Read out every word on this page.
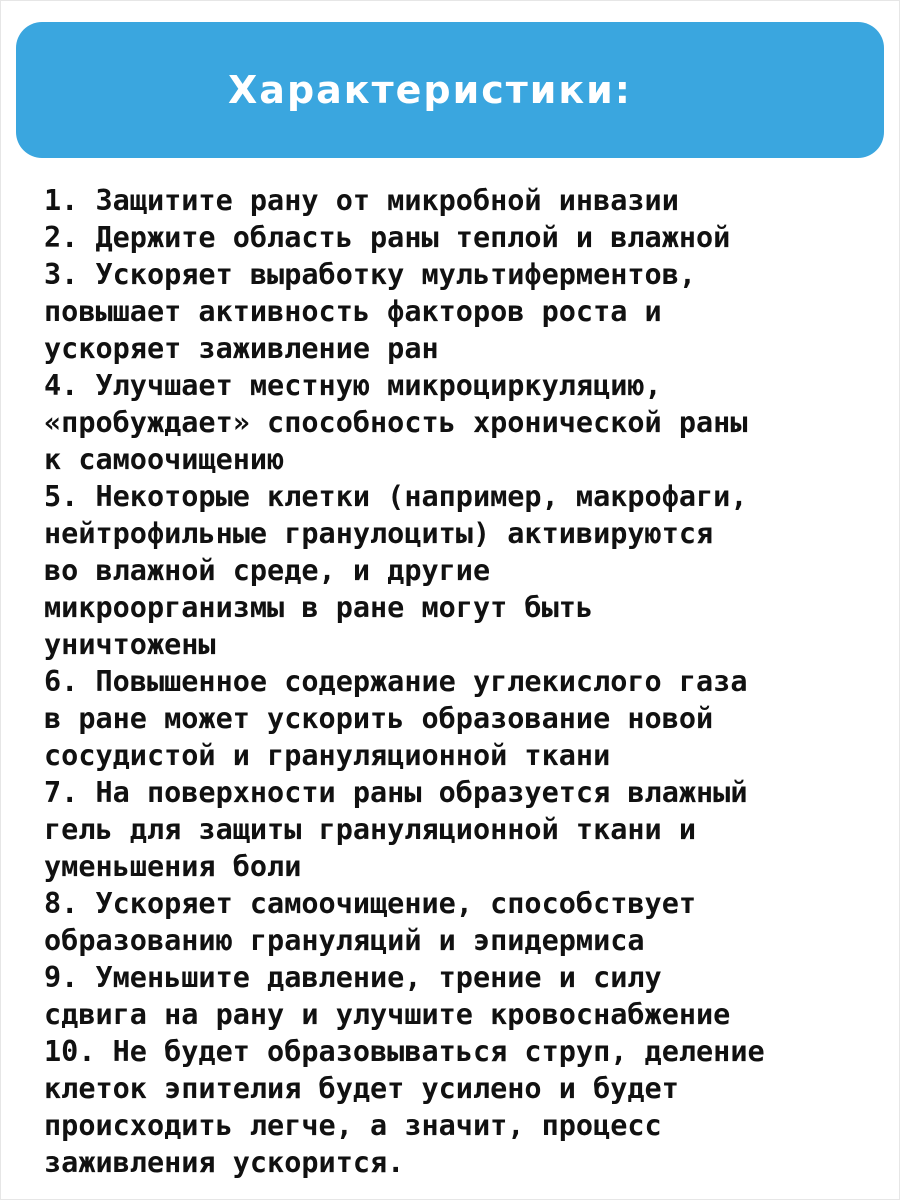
Характеристики:
1. Защитите рану от микробной инвазии
2. Держите область раны теплой и влажной
3. Ускоряет выработку мультиферментов,
повышает активность факторов роста и
ускоряет заживление ран
4. Улучшает местную микроциркуляцию,
«пробуждает» способность хронической раны
к самоочищению
5. Некоторые клетки (например, макрофаги,
нейтрофильные гранулоциты) активируются
во влажной среде, и другие
микроорганизмы в ране могут быть
уничтожены
6. Повышенное содержание углекислого газа
в ране может ускорить образование новой
сосудистой и грануляционной ткани
7. На поверхности раны образуется влажный
гель для защиты грануляционной ткани и
уменьшения боли
8. Ускоряет самоочищение, способствует
образованию грануляций и эпидермиса
9. Уменьшите давление, трение и силу
сдвига на рану и улучшите кровоснабжение
10. Не будет образовываться струп, деление
клеток эпителия будет усилено и будет
происходить легче, а значит, процесс
заживления ускорится.
